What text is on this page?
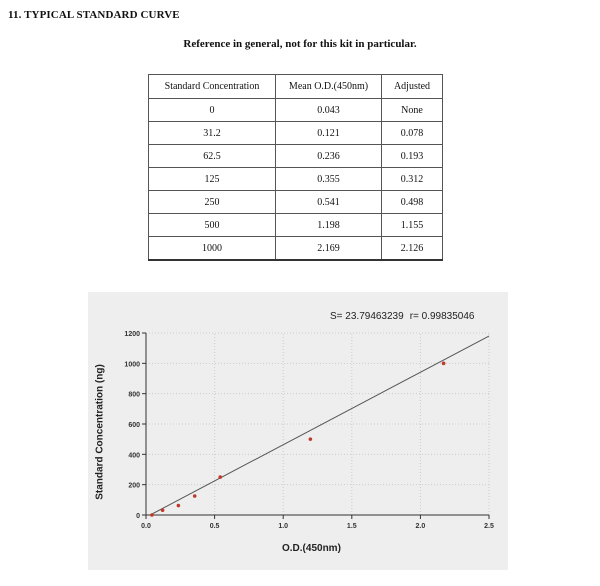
11. TYPICAL STANDARD CURVE
Reference in general, not for this kit in particular.
Standard Concentration	Mean O.D.(450nm)	Adjusted
0	0.043	None
31.2	0.121	0.078
62.5	0.236	0.193
125	0.355	0.312
250	0.541	0.498
500	1.198	1.155
1000	2.169	2.126
0
200
400
600
800
1000
1200
0.0	0.5	1.0	1.5	2.0	2.5
S= 23.79463239 r= 0.99835046
Standard Concentration (ng)
O.D.(450nm)
